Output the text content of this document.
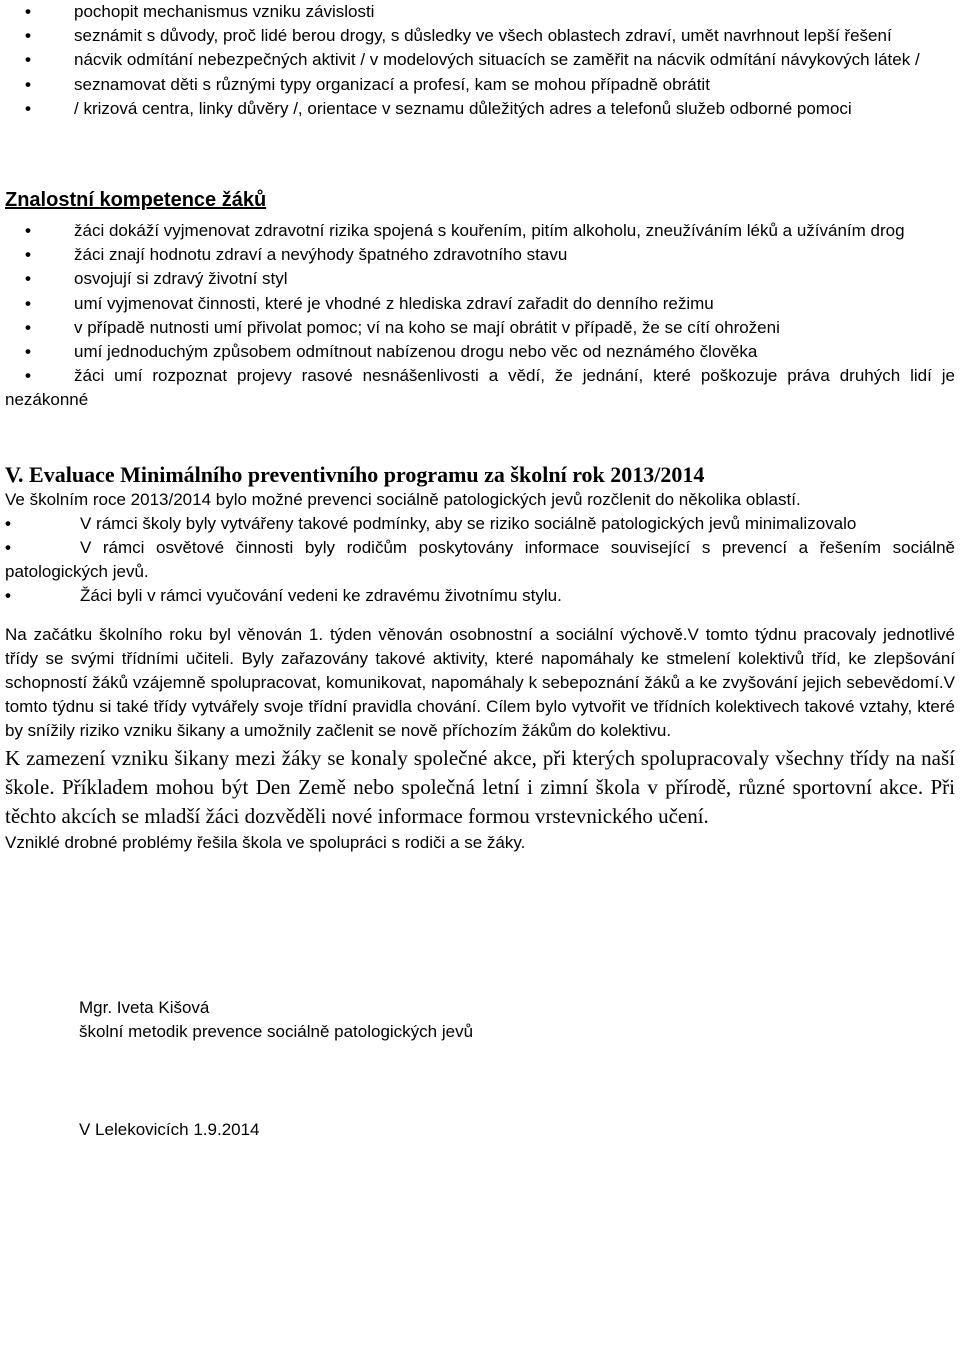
• pochopit mechanismus vzniku závislosti
• seznámit s důvody, proč lidé berou drogy, s důsledky ve všech oblastech zdraví, umět navrhnout lepší řešení
• nácvik odmítání nebezpečných aktivit / v modelových situacích se zaměřit na nácvik odmítání návykových látek /
• seznamovat děti s různými typy organizací a profesí, kam se mohou případně obrátit
• / krizová centra, linky důvěry /, orientace v seznamu důležitých adres a telefonů služeb odborné pomoci
Znalostní kompetence žáků
• žáci dokáží vyjmenovat zdravotní rizika spojená s kouřením, pitím alkoholu, zneužíváním léků a užíváním drog
• žáci znají hodnotu zdraví a nevýhody špatného zdravotního stavu
• osvojují si zdravý životní styl
• umí vyjmenovat činnosti, které je vhodné z hlediska zdraví zařadit do denního režimu
• v případě nutnosti umí přivolat pomoc; ví na koho se mají obrátit v případě, že se cítí ohroženi
• umí jednoduchým způsobem odmítnout nabízenou drogu nebo věc od neznámého člověka
• žáci umí rozpoznat projevy rasové nesnášenlivosti a vědí, že jednání, které poškozuje práva druhých lidí je nezákonné
V. Evaluace Minimálního preventivního programu za školní rok 2013/2014

Ve školním roce 2013/2014 bylo možné prevenci sociálně patologických jevů rozčlenit do několika oblastí.

• V rámci školy byly vytvářeny takové podmínky, aby se riziko sociálně patologických jevů minimalizovalo
• V rámci osvětové činnosti byly rodičům poskytovány informace související s prevencí a řešením sociálně patologických jevů.
• Žáci byli v rámci vyučování vedeni ke zdravému životnímu stylu.

Na začátku školního roku byl věnován 1. týden věnován osobnostní a sociální výchově.V tomto týdnu pracovaly jednotlivé třídy se svými třídními učiteli. Byly zařazovány takové aktivity, které napomáhaly ke stmelení kolektivů tříd, ke zlepšování schopností žáků vzájemně spolupracovat, komunikovat, napomáhaly k sebepoznání žáků a ke zvyšování jejich sebevědomí.V tomto týdnu si také třídy vytvářely svoje třídní pravidla chování. Cílem bylo vytvořit ve třídních kolektivech takové vztahy, které by snížily riziko vzniku šikany a umožnily začlenit se nově příchozím žákům do kolektivu.

K zamezení vzniku šikany mezi žáky se konaly společné akce, při kterých spolupracovaly všechny třídy na naší škole. Příkladem mohou být Den Země nebo společná letní i zimní škola v přírodě, různé sportovní akce. Při těchto akcích se mladší žáci dozvěděli nové informace formou vrstevnického učení.

Vzniklé drobné problémy řešila škola ve spolupráci s rodiči a se žáky.

Mgr. Iveta Kišová
školní metodik prevence sociálně patologických jevů
V Lelekovicích 1.9.2014
